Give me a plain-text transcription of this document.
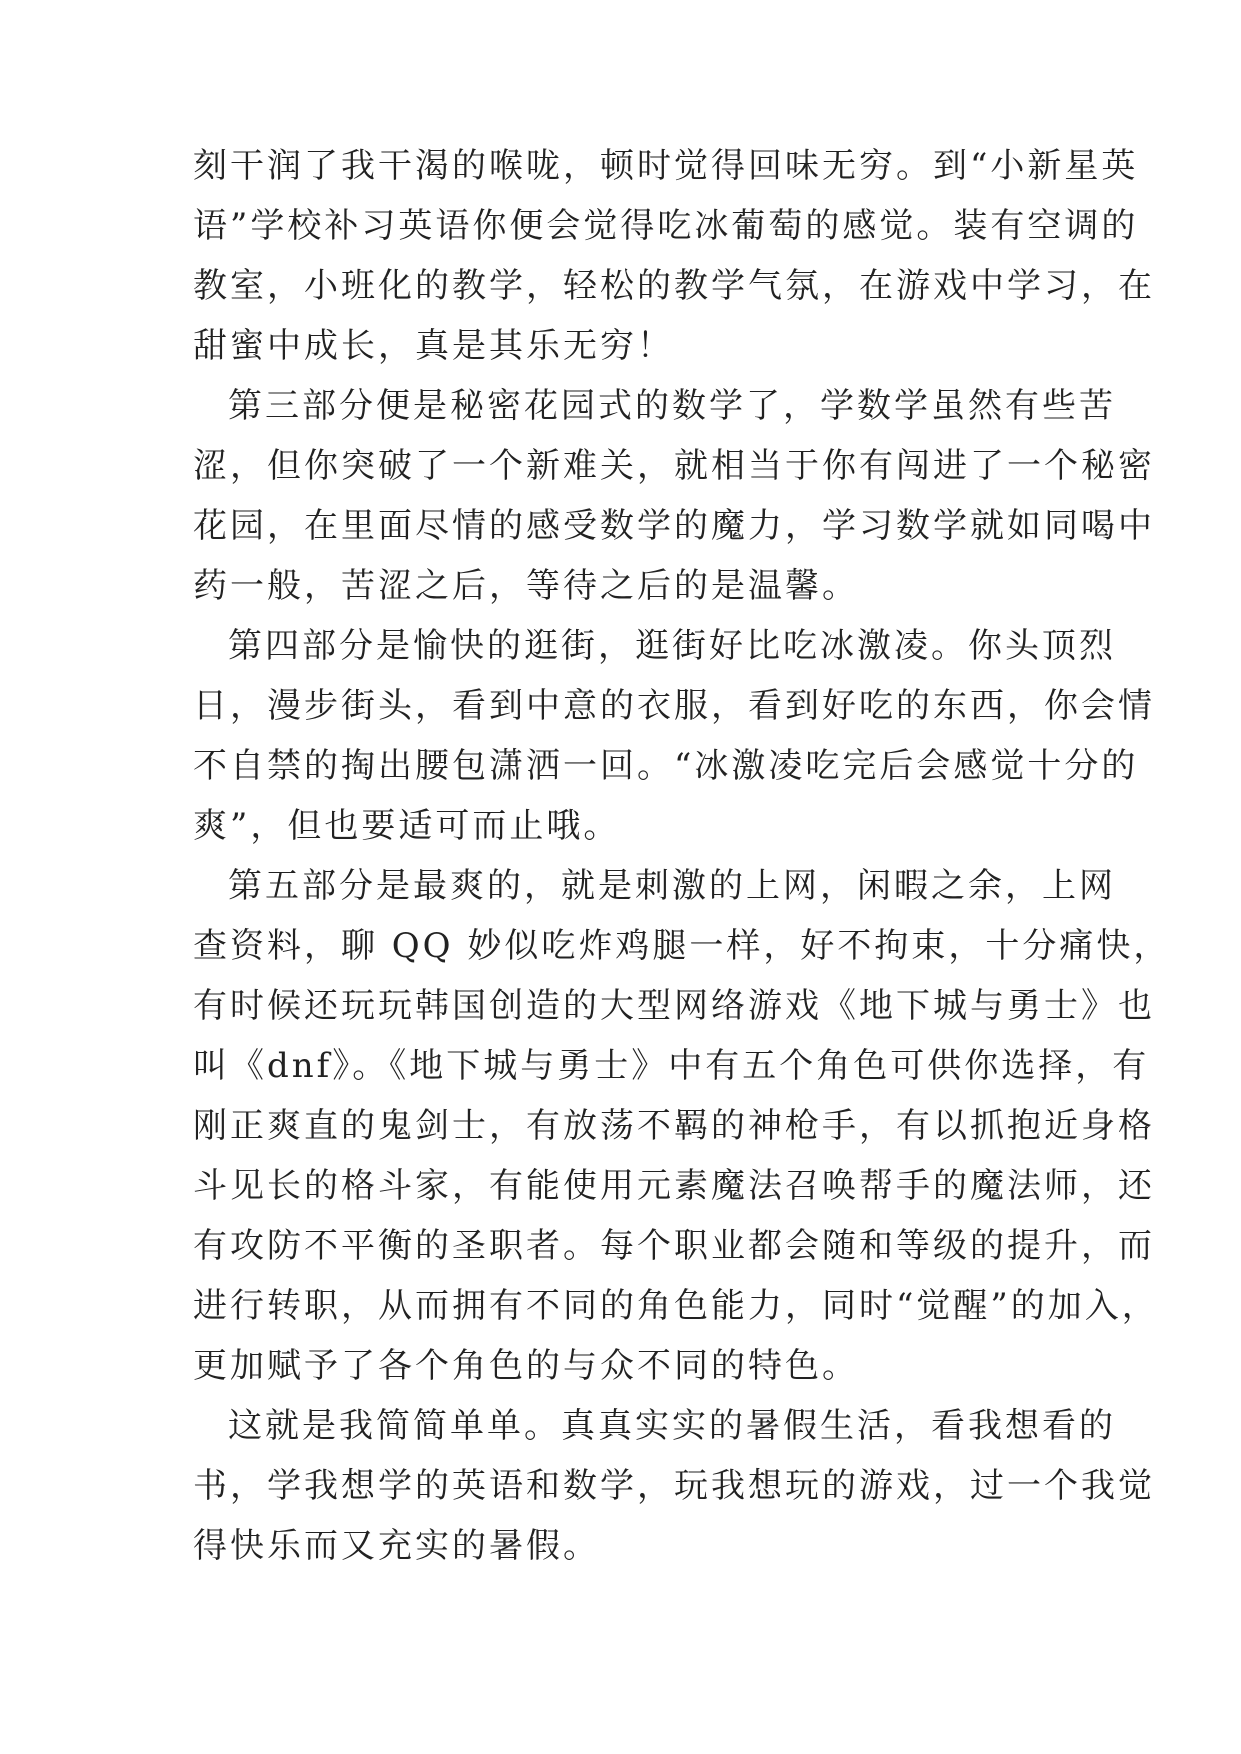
刻干润了我干渴的喉咙，顿时觉得回味无穷。到“小新星英
语”学校补习英语你便会觉得吃冰葡萄的感觉。装有空调的
教室，小班化的教学，轻松的教学气氛，在游戏中学习，在
甜蜜中成长，真是其乐无穷！
第三部分便是秘密花园式的数学了，学数学虽然有些苦
涩，但你突破了一个新难关，就相当于你有闯进了一个秘密
花园，在里面尽情的感受数学的魔力，学习数学就如同喝中
药一般，苦涩之后，等待之后的是温馨。
第四部分是愉快的逛街，逛街好比吃冰激凌。你头顶烈
日，漫步街头，看到中意的衣服，看到好吃的东西，你会情
不自禁的掏出腰包潇洒一回。“冰激凌吃完后会感觉十分的
爽”，但也要适可而止哦。
第五部分是最爽的，就是刺激的上网，闲暇之余，上网
查资料，聊 QQ 妙似吃炸鸡腿一样，好不拘束，十分痛快，
有时候还玩玩韩国创造的大型网络游戏《地下城与勇士》也
叫《dnf》。《地下城与勇士》中有五个角色可供你选择，有
刚正爽直的鬼剑士，有放荡不羁的神枪手，有以抓抱近身格
斗见长的格斗家，有能使用元素魔法召唤帮手的魔法师，还
有攻防不平衡的圣职者。每个职业都会随和等级的提升，而
进行转职，从而拥有不同的角色能力，同时“觉醒”的加入，
更加赋予了各个角色的与众不同的特色。
这就是我简简单单。真真实实的暑假生活，看我想看的
书，学我想学的英语和数学，玩我想玩的游戏，过一个我觉
得快乐而又充实的暑假。
